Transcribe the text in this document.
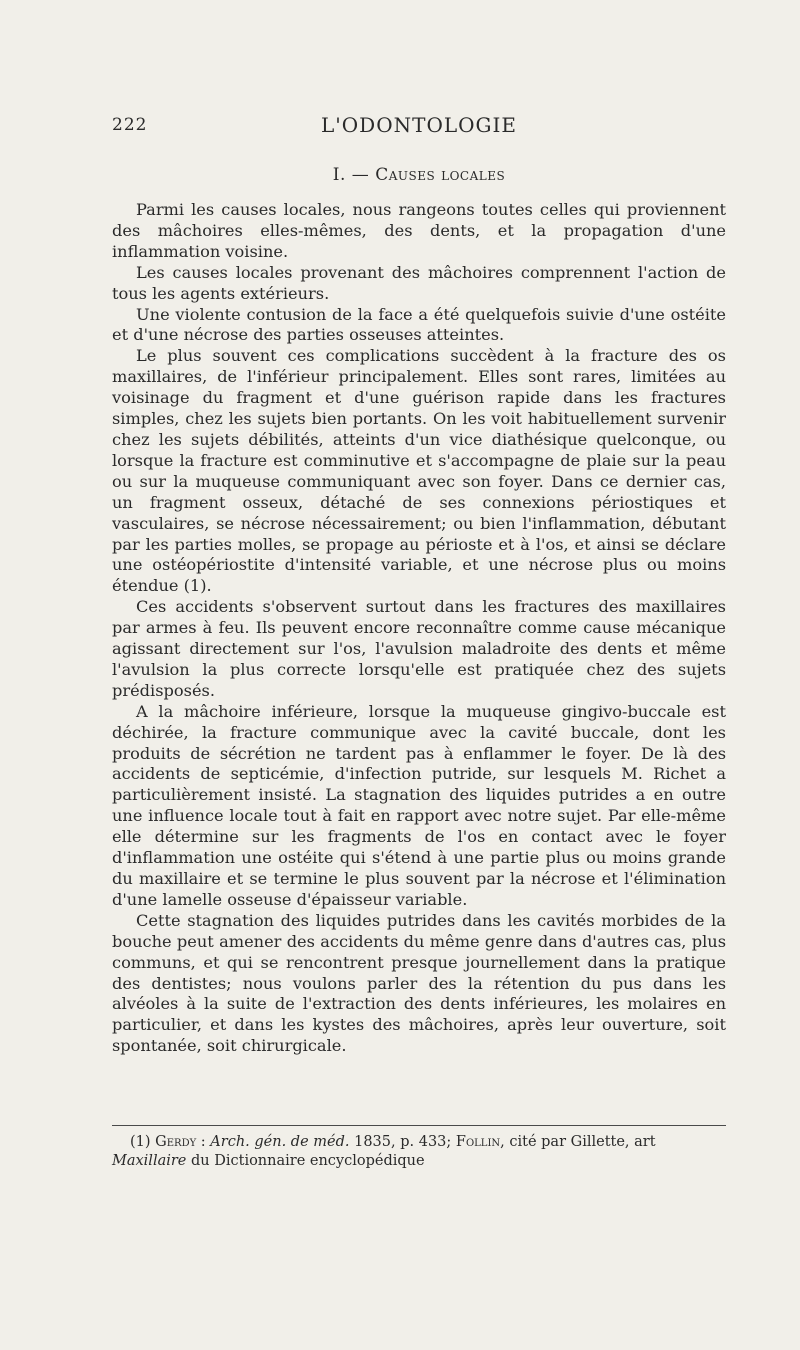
222	L'ODONTOLOGIE
I. — Causes locales

Parmi les causes locales, nous rangeons toutes celles qui proviennent des mâchoires elles-mêmes, des dents, et la propagation d'une inflammation voisine.

Les causes locales provenant des mâchoires comprennent l'action de tous les agents extérieurs.

Une violente contusion de la face a été quelquefois suivie d'une ostéite et d'une nécrose des parties osseuses atteintes.

Le plus souvent ces complications succèdent à la fracture des os maxillaires, de l'inférieur principalement. Elles sont rares, limitées au voisinage du fragment et d'une guérison rapide dans les fractures simples, chez les sujets bien portants. On les voit habituellement survenir chez les sujets débilités, atteints d'un vice diathésique quelconque, ou lorsque la fracture est comminutive et s'accompagne de plaie sur la peau ou sur la muqueuse communiquant avec son foyer. Dans ce dernier cas, un fragment osseux, détaché de ses connexions périostiques et vasculaires, se nécrose nécessairement; ou bien l'inflammation, débutant par les parties molles, se propage au périoste et à l'os, et ainsi se déclare une ostéopériostite d'intensité variable, et une nécrose plus ou moins étendue (1).

Ces accidents s'observent surtout dans les fractures des maxillaires par armes à feu. Ils peuvent encore reconnaître comme cause mécanique agissant directement sur l'os, l'avulsion maladroite des dents et même l'avulsion la plus correcte lorsqu'elle est pratiquée chez des sujets prédisposés.

A la mâchoire inférieure, lorsque la muqueuse gingivo-buccale est déchirée, la fracture communique avec la cavité buccale, dont les produits de sécrétion ne tardent pas à enflammer le foyer. De là des accidents de septicémie, d'infection putride, sur lesquels M. Richet a particulièrement insisté. La stagnation des liquides putrides a en outre une influence locale tout à fait en rapport avec notre sujet. Par elle-même elle détermine sur les fragments de l'os en contact avec le foyer d'inflammation une ostéite qui s'étend à une partie plus ou moins grande du maxillaire et se termine le plus souvent par la nécrose et l'élimination d'une lamelle osseuse d'épaisseur variable.

Cette stagnation des liquides putrides dans les cavités morbides de la bouche peut amener des accidents du même genre dans d'autres cas, plus communs, et qui se rencontrent presque journellement dans la pratique des dentistes; nous voulons parler des la rétention du pus dans les alvéoles à la suite de l'extraction des dents inférieures, les molaires en particulier, et dans les kystes des mâchoires, après leur ouverture, soit spontanée, soit chirurgicale.

(1) Gerdy : Arch. gén. de méd. 1835, p. 433; Follin, cité par Gillette, art Maxillaire du Dictionnaire encyclopédique
